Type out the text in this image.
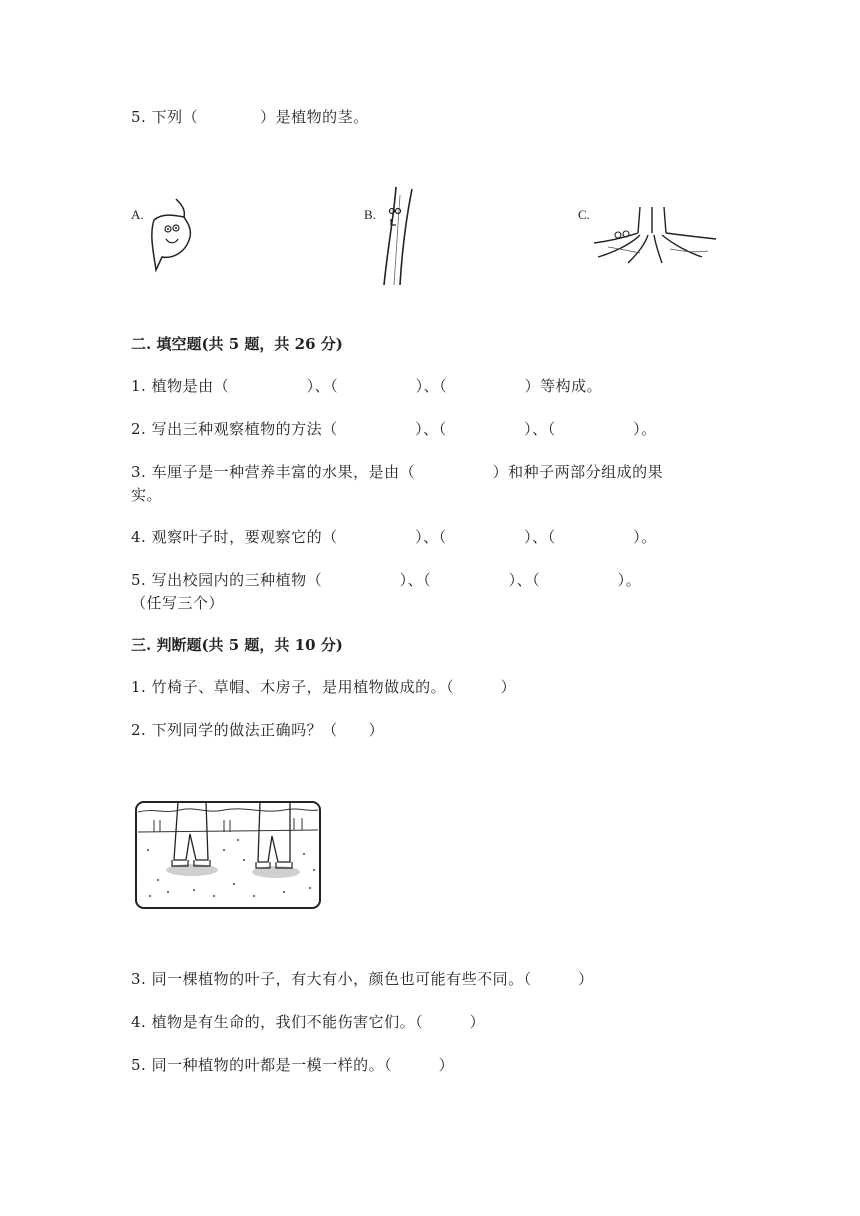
5. 下列（　　　　）是植物的茎。
A.	B.	C.
二. 填空题(共 5 题，共 26 分)
1. 植物是由（　　　　　）、（　　　　　）、（　　　　　）等构成。
2. 写出三种观察植物的方法（　　　　　）、（　　　　　）、（　　　　　）。
3. 车厘子是一种营养丰富的水果，是由（　　　　　）和种子两部分组成的果
实。
4. 观察叶子时，要观察它的（　　　　　）、（　　　　　）、（　　　　　）。
5. 写出校园内的三种植物（　　　　　）、（　　　　　）、（　　　　　）。
（任写三个）
三. 判断题(共 5 题，共 10 分)
1. 竹椅子、草帽、木房子，是用植物做成的。（　　　）
2. 下列同学的做法正确吗？（　　）
3. 同一棵植物的叶子，有大有小，颜色也可能有些不同。（　　　）
4. 植物是有生命的，我们不能伤害它们。（　　　）
5. 同一种植物的叶都是一模一样的。（　　　）
